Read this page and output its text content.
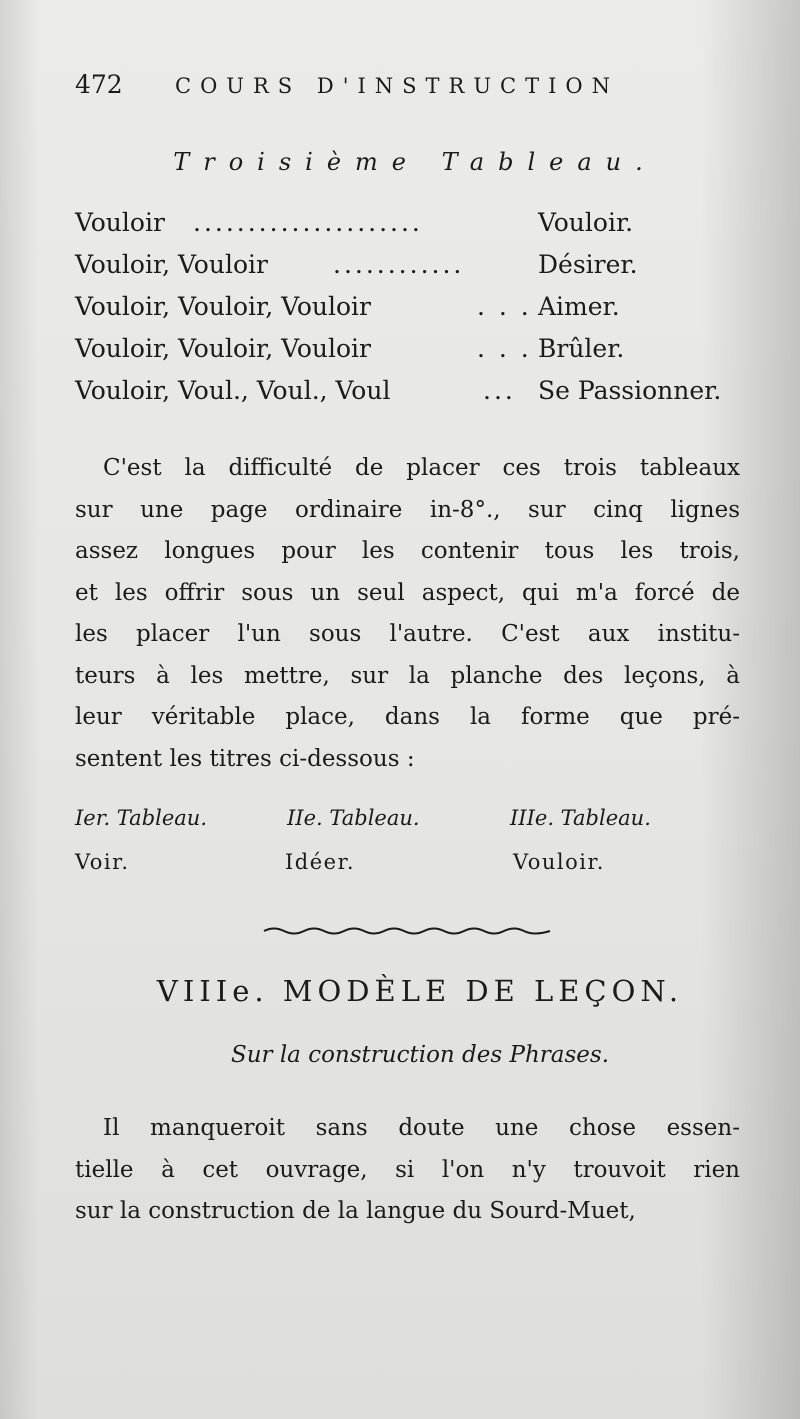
472 COURS D'INSTRUCTION
Troisième Tableau.
Vouloir .....................	Vouloir.
Vouloir, Vouloir	............	Désirer.
Vouloir, Vouloir, Vouloir	. . . Aimer.
Vouloir, Vouloir, Vouloir	. . . Brûler.
Vouloir, Voul., Voul., Voul	... Se Passionner.
C'est la difficulté de placer ces trois tableaux
sur une page ordinaire in-8°., sur cinq lignes
assez longues pour les contenir tous les trois,
et les offrir sous un seul aspect, qui m'a forcé de
les placer l'un sous l'autre. C'est aux institu-
teurs à les mettre, sur la planche des leçons, à
leur véritable place, dans la forme que pré-
sentent les titres ci-dessous :
Ier. Tableau.	IIe. Tableau.	IIIe. Tableau.
Voir.	Idéer.	Vouloir.
VIIIe. MODÈLE DE LEÇON.
Sur la construction des Phrases.
Il manqueroit sans doute une chose essen-
tielle à cet ouvrage, si l'on n'y trouvoit rien
sur la construction de la langue du Sourd-Muet,
